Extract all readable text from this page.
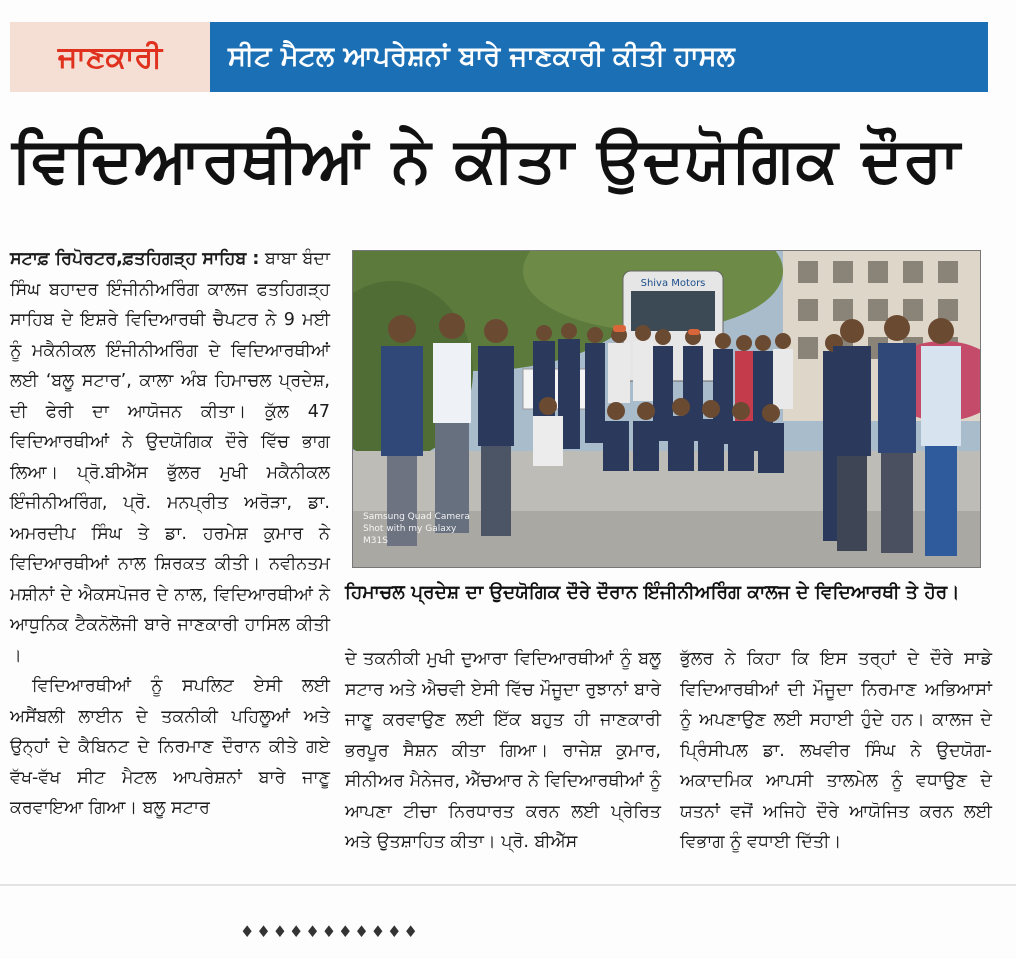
ਜਾਣਕਾਰੀ	ਸੀਟ ਮੈਟਲ ਆਪਰੇਸ਼ਨਾਂ ਬਾਰੇ ਜਾਣਕਾਰੀ ਕੀਤੀ ਹਾਸਲ
ਵਿਦਿਆਰਥੀਆਂ ਨੇ ਕੀਤਾ ਉਦਯੋਗਿਕ ਦੌਰਾ

ਸਟਾਫ਼ ਰਿਪੋਰਟਰ,ਫ਼ਤਹਿਗੜ੍ਹ ਸਾਹਿਬ : ਬਾਬਾ ਬੰਦਾ ਸਿੰਘ ਬਹਾਦਰ ਇੰਜੀਨੀਅਰਿੰਗ ਕਾਲਜ ਫਤਹਿਗੜ੍ਹ ਸਾਹਿਬ ਦੇ ਇਸ਼ਰੇ ਵਿਦਿਆਰਥੀ ਚੈਪਟਰ ਨੇ 9 ਮਈ ਨੂੰ ਮਕੈਨੀਕਲ ਇੰਜੀਨੀਅਰਿੰਗ ਦੇ ਵਿਦਿਆਰਥੀਆਂ ਲਈ ‘ਬਲੂ ਸਟਾਰ’, ਕਾਲਾ ਅੰਬ ਹਿਮਾਚਲ ਪ੍ਰਦੇਸ਼, ਦੀ ਫੇਰੀ ਦਾ ਆਯੋਜਨ ਕੀਤਾ। ਕੁੱਲ 47 ਵਿਦਿਆਰਥੀਆਂ ਨੇ ਉਦਯੋਗਿਕ ਦੌਰੇ ਵਿੱਚ ਭਾਗ ਲਿਆ। ਪ੍ਰੋ.ਬੀਐੱਸ ਭੁੱਲਰ ਮੁਖੀ ਮਕੈਨੀਕਲ ਇੰਜੀਨੀਅਰਿੰਗ, ਪ੍ਰੋ. ਮਨਪ੍ਰੀਤ ਅਰੋੜਾ, ਡਾ. ਅਮਰਦੀਪ ਸਿੰਘ ਤੇ ਡਾ. ਹਰਮੇਸ਼ ਕੁਮਾਰ ਨੇ ਵਿਦਿਆਰਥੀਆਂ ਨਾਲ ਸ਼ਿਰਕਤ ਕੀਤੀ। ਨਵੀਨਤਮ ਮਸ਼ੀਨਾਂ ਦੇ ਐਕਸਪੋਜਰ ਦੇ ਨਾਲ, ਵਿਦਿਆਰਥੀਆਂ ਨੇ ਆਧੁਨਿਕ ਟੈਕਨੋਲੋਜੀ ਬਾਰੇ ਜਾਣਕਾਰੀ ਹਾਸਿਲ ਕੀਤੀ ।

ਵਿਦਿਆਰਥੀਆਂ ਨੂੰ ਸਪਲਿਟ ਏਸੀ ਲਈ ਅਸੈਂਬਲੀ ਲਾਈਨ ਦੇ ਤਕਨੀਕੀ ਪਹਿਲੂਆਂ ਅਤੇ ਉਨ੍ਹਾਂ ਦੇ ਕੈਬਿਨਟ ਦੇ ਨਿਰਮਾਣ ਦੌਰਾਨ ਕੀਤੇ ਗਏ ਵੱਖ-ਵੱਖ ਸੀਟ ਮੈਟਲ ਆਪਰੇਸ਼ਨਾਂ ਬਾਰੇ ਜਾਣੂ ਕਰਵਾਇਆ ਗਿਆ। ਬਲੂ ਸਟਾਰ

Shiva Motors
Samsung Quad Camera
Shot with my Galaxy
M31S
ਹਿਮਾਚਲ ਪ੍ਰਦੇਸ਼ ਦਾ ਉਦਯੋਗਿਕ ਦੌਰੇ ਦੌਰਾਨ ਇੰਜੀਨੀਅਰਿੰਗ ਕਾਲਜ ਦੇ ਵਿਦਿਆਰਥੀ ਤੇ ਹੋਰ।
ਦੇ ਤਕਨੀਕੀ ਮੁਖੀ ਦੁਆਰਾ ਵਿਦਿਆਰਥੀਆਂ ਨੂੰ ਬਲੂ ਸਟਾਰ ਅਤੇ ਐਚਵੀ ਏਸੀ ਵਿੱਚ ਮੌਜੂਦਾ ਰੁਝਾਨਾਂ ਬਾਰੇ ਜਾਣੂ ਕਰਵਾਉਣ ਲਈ ਇੱਕ ਬਹੁਤ ਹੀ ਜਾਣਕਾਰੀ ਭਰਪੂਰ ਸੈਸ਼ਨ ਕੀਤਾ ਗਿਆ। ਰਾਜੇਸ਼ ਕੁਮਾਰ, ਸੀਨੀਅਰ ਮੈਨੇਜਰ, ਐੱਚਆਰ ਨੇ ਵਿਦਿਆਰਥੀਆਂ ਨੂੰ ਆਪਣਾ ਟੀਚਾ ਨਿਰਧਾਰਤ ਕਰਨ ਲਈ ਪ੍ਰੇਰਿਤ ਅਤੇ ਉਤਸ਼ਾਹਿਤ ਕੀਤਾ। ਪ੍ਰੋ. ਬੀਐੱਸ
ਭੁੱਲਰ ਨੇ ਕਿਹਾ ਕਿ ਇਸ ਤਰ੍ਹਾਂ ਦੇ ਦੌਰੇ ਸਾਡੇ ਵਿਦਿਆਰਥੀਆਂ ਦੀ ਮੌਜੂਦਾ ਨਿਰਮਾਣ ਅਭਿਆਸਾਂ ਨੂੰ ਅਪਣਾਉਣ ਲਈ ਸਹਾਈ ਹੁੰਦੇ ਹਨ। ਕਾਲਜ ਦੇ ਪ੍ਰਿੰਸੀਪਲ ਡਾ. ਲਖਵੀਰ ਸਿੰਘ ਨੇ ਉਦਯੋਗ-ਅਕਾਦਮਿਕ ਆਪਸੀ ਤਾਲਮੇਲ ਨੂੰ ਵਧਾਉਣ ਦੇ ਯਤਨਾਂ ਵਜੋਂ ਅਜਿਹੇ ਦੌਰੇ ਆਯੋਜਿਤ ਕਰਨ ਲਈ ਵਿਭਾਗ ਨੂੰ ਵਧਾਈ ਦਿੱਤੀ।
♦♦♦♦♦♦♦♦♦♦♦
